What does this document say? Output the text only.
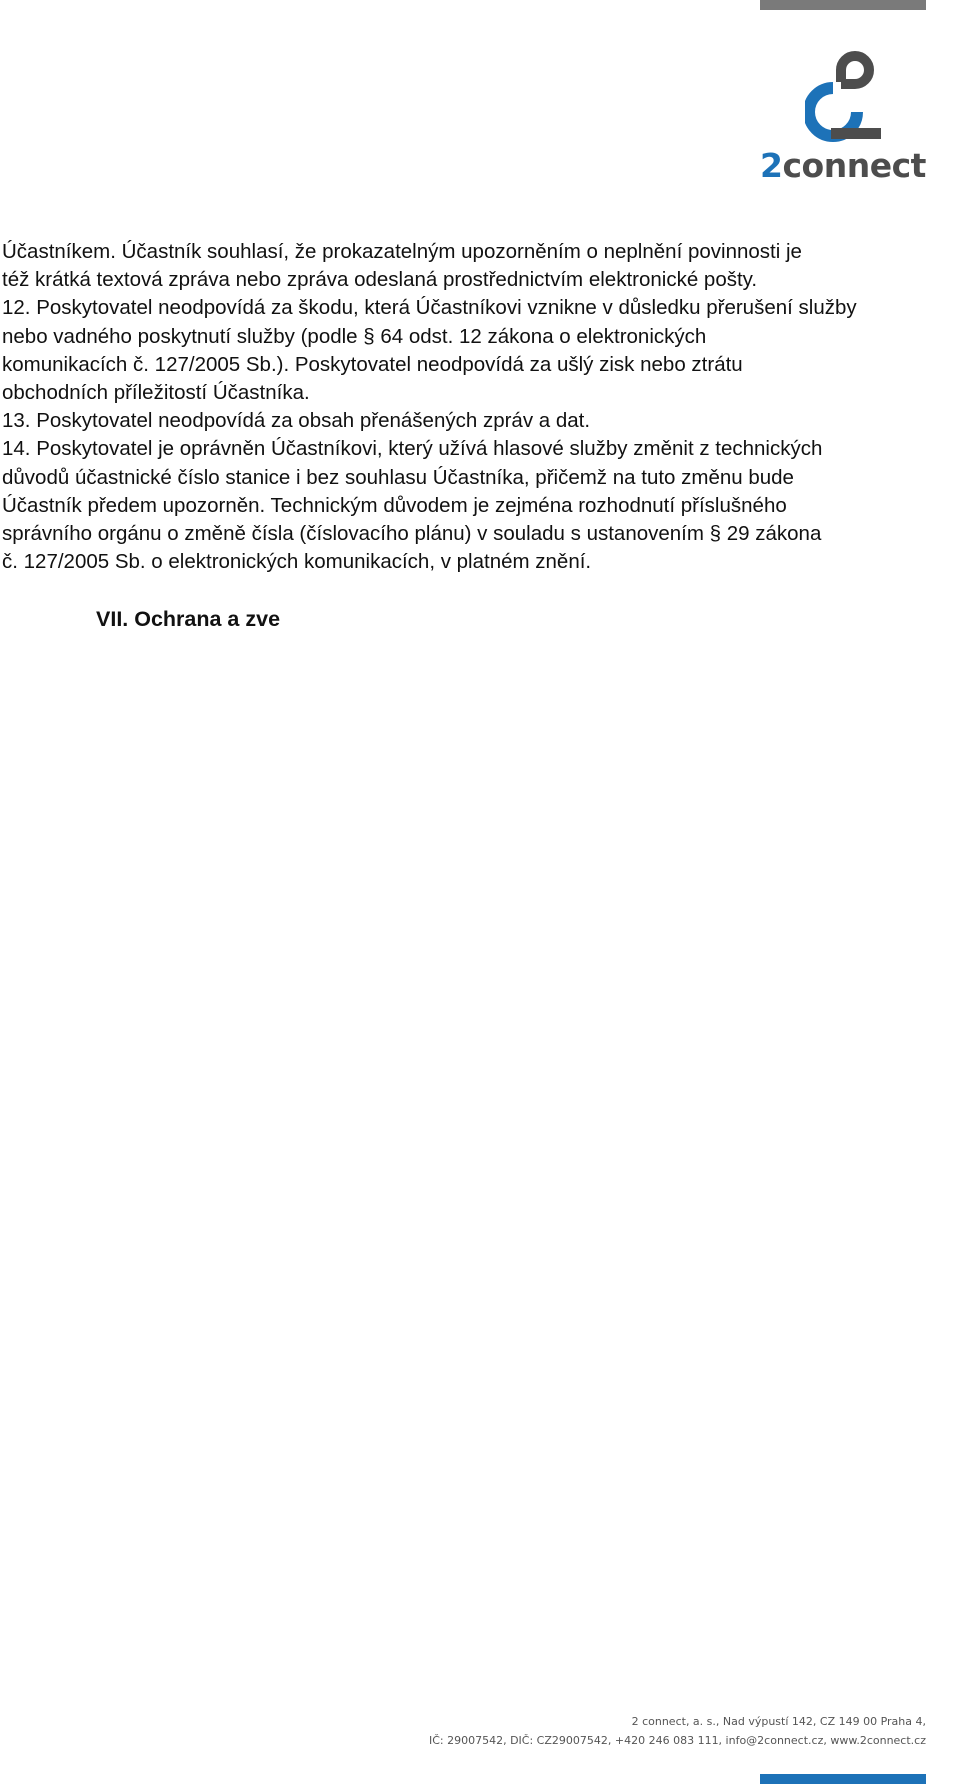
2connect

Účastníkem. Účastník souhlasí, že prokazatelným upozorněním o neplnění povinnosti je

též krátká textová zpráva nebo zpráva odeslaná prostřednictvím elektronické pošty.

12. Poskytovatel neodpovídá za škodu, která Účastníkovi vznikne v důsledku přerušení služby

nebo vadného poskytnutí služby (podle § 64 odst. 12 zákona o elektronických

komunikacích č. 127/2005 Sb.). Poskytovatel neodpovídá za ušlý zisk nebo ztrátu

obchodních příležitostí Účastníka.

13. Poskytovatel neodpovídá za obsah přenášených zpráv a dat.

14. Poskytovatel je oprávněn Účastníkovi, který užívá hlasové služby změnit z technických

důvodů účastnické číslo stanice i bez souhlasu Účastníka, přičemž na tuto změnu bude

Účastník předem upozorněn. Technickým důvodem je zejména rozhodnutí příslušného

správního orgánu o změně čísla (číslovacího plánu) v souladu s ustanovením § 29 zákona

č. 127/2005 Sb. o elektronických komunikacích, v platném znění.

VII. Ochrana a zve
2 connect, a. s., Nad výpustí 142, CZ 149 00 Praha 4,
IČ: 29007542, DIČ: CZ29007542, +420 246 083 111, info@2connect.cz, www.2connect.cz
